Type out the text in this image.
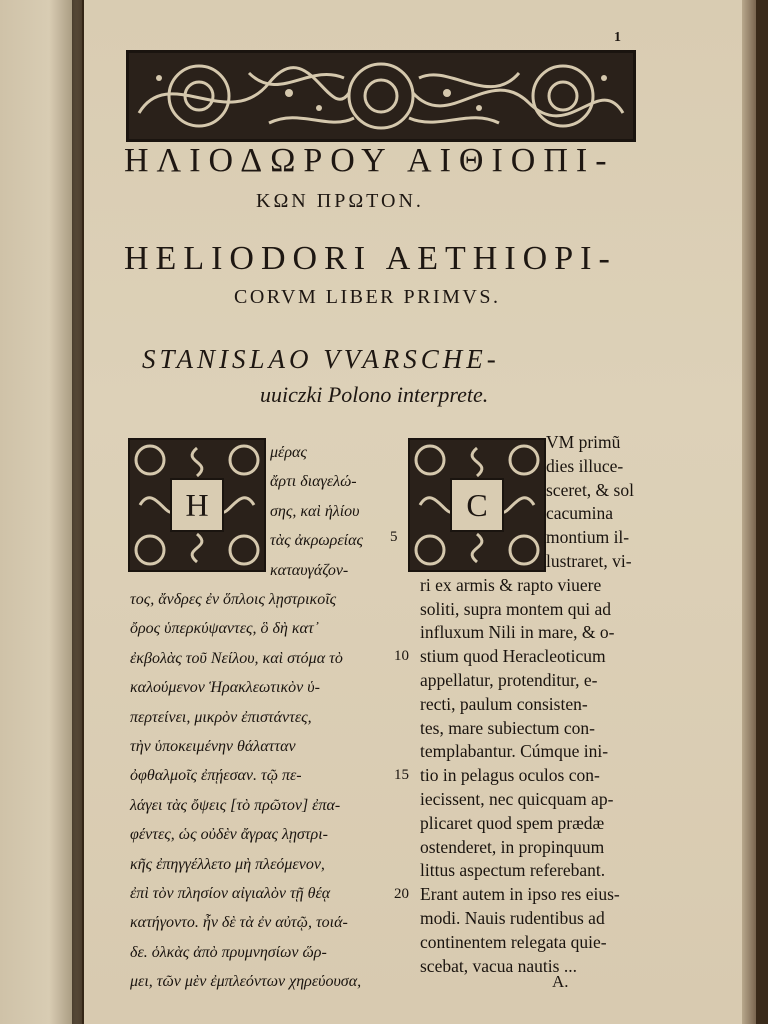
1
ΗΛΙΟΔΩΡΟΥ ΑΙΘΙΟΠΙ-
ΚΩΝ ΠΡΩΤΟΝ.
HELIODORI AETHIOPI-
CORVM LIBER PRIMVS.
STANISLAO VVARSCHE-
uuiczki Polono interprete.
Η	C
μέρας
ἄρτι διαγελώ-
σης, καὶ ἡλίου
τὰς ἀκρωρείας
καταυγάζον-
τος, ἄνδρες ἐν ὅπλοις λῃστρικοῖς
ὄρος ὑπερκύψαντες, ὃ δὴ κατ᾽
ἐκβολὰς τοῦ Νείλου, καὶ στόμα τὸ
καλούμενον Ἡρακλεωτικὸν ὑ-
περτείνει, μικρὸν ἐπιστάντες,
τὴν ὑποκειμένην θάλατταν
ὀφθαλμοῖς ἐπῄεσαν. τῷ πε-
λάγει τὰς ὄψεις [τὸ πρῶτον] ἐπα-
φέντες, ὡς οὐδὲν ἄγρας λῃστρι-
κῆς ἐπηγγέλλετο μὴ πλεόμενον,
ἐπὶ τὸν πλησίον αἰγιαλὸν τῇ θέᾳ
κατήγοντο. ἦν δὲ τὰ ἐν αὐτῷ, τοιά-
δε. ὁλκὰς ἀπὸ πρυμνησίων ὥρ-
μει, τῶν μὲν ἐμπλεόντων χηρεύουσα,
VM primũ
dies illuce-
sceret, & sol
cacumina
montium il-
lustraret, vi-
ri ex armis & rapto viuere
soliti, supra montem qui ad
influxum Nili in mare, & o-
stium quod Heracleoticum
appellatur, protenditur, e-
recti, paulum consisten-
tes, mare subiectum con-
templabantur. Cúmque ini-
tio in pelagus oculos con-
iecissent, nec quicquam ap-
plicaret quod spem prædæ
ostenderet, in propinquum
littus aspectum referebant.
Erant autem in ipso res eius-
modi. Nauis rudentibus ad
continentem relegata quie-
scebat, vacua nautis ...
5
10
15
20
A.
